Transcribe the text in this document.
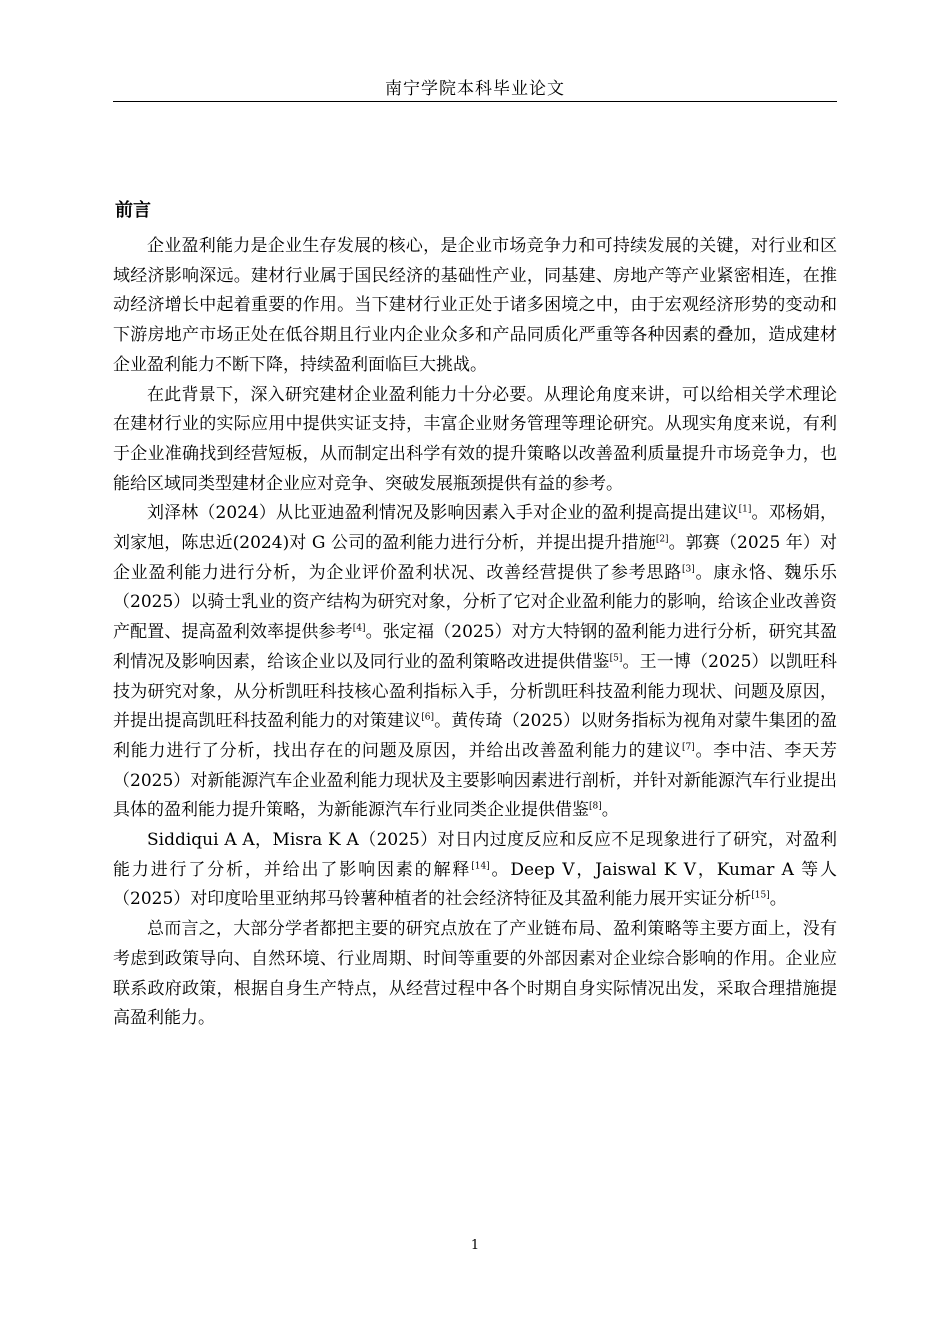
南宁学院本科毕业论文
前言

企业盈利能力是企业生存发展的核心，是企业市场竞争力和可持续发展的关键，对行业和区域经济影响深远。建材行业属于国民经济的基础性产业，同基建、房地产等产业紧密相连，在推动经济增长中起着重要的作用。当下建材行业正处于诸多困境之中，由于宏观经济形势的变动和下游房地产市场正处在低谷期且行业内企业众多和产品同质化严重等各种因素的叠加，造成建材企业盈利能力不断下降，持续盈利面临巨大挑战。

在此背景下，深入研究建材企业盈利能力十分必要。从理论角度来讲，可以给相关学术理论在建材行业的实际应用中提供实证支持，丰富企业财务管理等理论研究。从现实角度来说，有利于企业准确找到经营短板，从而制定出科学有效的提升策略以改善盈利质量提升市场竞争力，也能给区域同类型建材企业应对竞争、突破发展瓶颈提供有益的参考。

刘泽林（2024）从比亚迪盈利情况及影响因素入手对企业的盈利提高提出建议[1]。邓杨娟，刘家旭，陈忠近(2024)对 G 公司的盈利能力进行分析，并提出提升措施[2]。郭赛（2025 年）对企业盈利能力进行分析，为企业评价盈利状况、改善经营提供了参考思路[3]。康永恪、魏乐乐（2025）以骑士乳业的资产结构为研究对象，分析了它对企业盈利能力的影响，给该企业改善资产配置、提高盈利效率提供参考[4]。张定福（2025）对方大特钢的盈利能力进行分析，研究其盈利情况及影响因素，给该企业以及同行业的盈利策略改进提供借鉴[5]。王一博（2025）以凯旺科技为研究对象，从分析凯旺科技核心盈利指标入手，分析凯旺科技盈利能力现状、问题及原因，并提出提高凯旺科技盈利能力的对策建议[6]。黄传琦（2025）以财务指标为视角对蒙牛集团的盈利能力进行了分析，找出存在的问题及原因，并给出改善盈利能力的建议[7]。李中洁、李天芳（2025）对新能源汽车企业盈利能力现状及主要影响因素进行剖析，并针对新能源汽车行业提出具体的盈利能力提升策略，为新能源汽车行业同类企业提供借鉴[8]。

Siddiqui A A，Misra K A（2025）对日内过度反应和反应不足现象进行了研究，对盈利能力进行了分析，并给出了影响因素的解释[14]。Deep V，Jaiswal K V，Kumar A 等人（2025）对印度哈里亚纳邦马铃薯种植者的社会经济特征及其盈利能力展开实证分析[15]。

总而言之，大部分学者都把主要的研究点放在了产业链布局、盈利策略等主要方面上，没有考虑到政策导向、自然环境、行业周期、时间等重要的外部因素对企业综合影响的作用。企业应联系政府政策，根据自身生产特点，从经营过程中各个时期自身实际情况出发，采取合理措施提高盈利能力。

1
